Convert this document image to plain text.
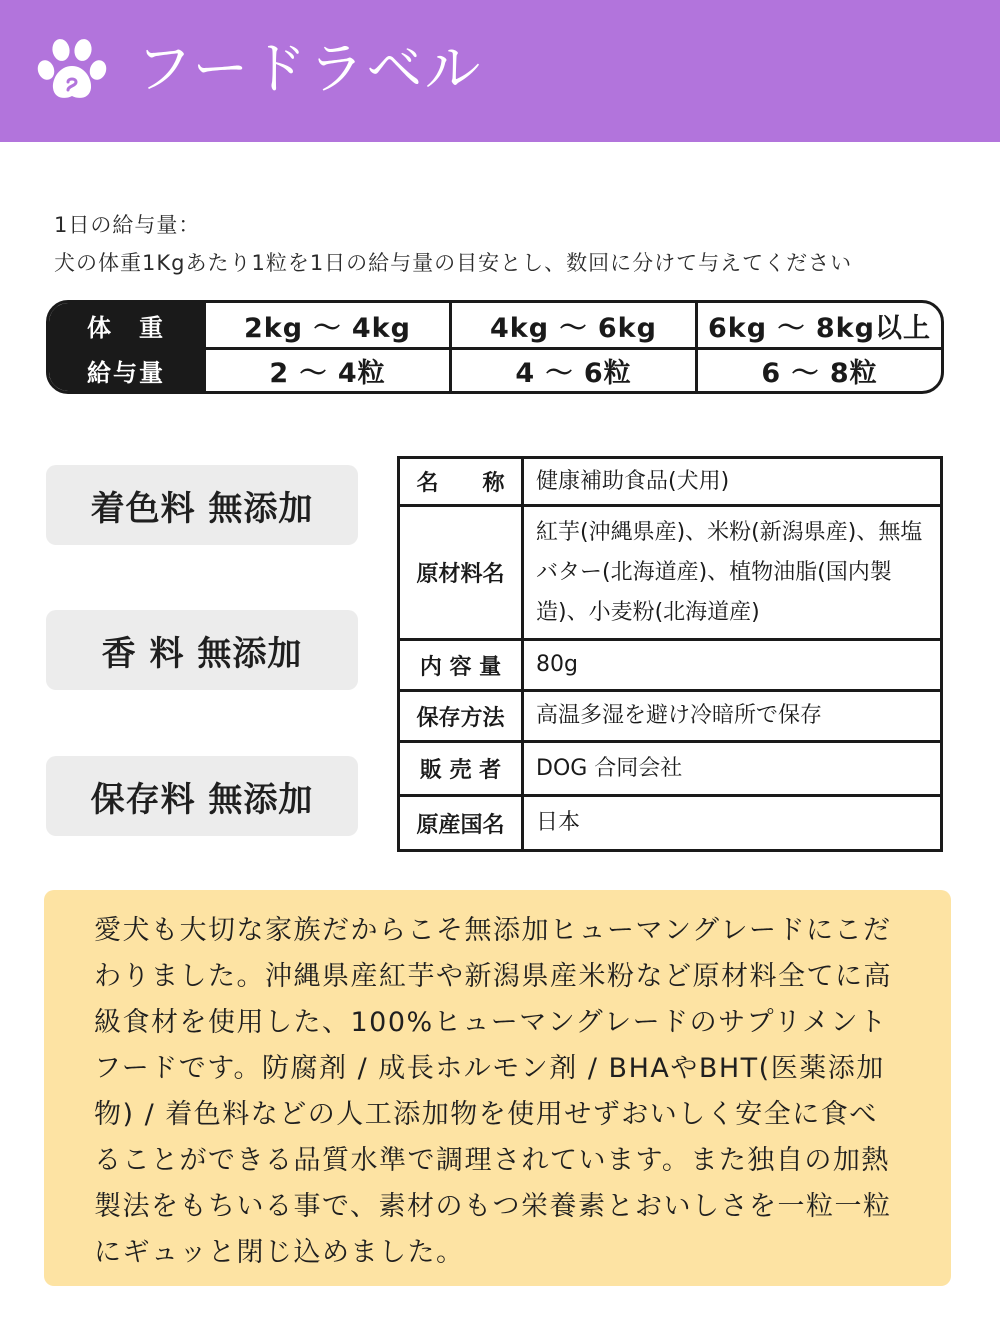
フードラベル
1日の給与量：
犬の体重1Kgあたり1粒を1日の給与量の目安とし、数回に分けて与えてください
体　重	2kg 〜 4kg	4kg 〜 6kg	6kg 〜 8kg以上
給与量	2 〜 4粒	4 〜 6粒	6 〜 8粒
着色料 無添加
香 料 無添加
保存料 無添加
名　　称	健康補助食品(犬用)
原材料名	紅芋(沖縄県産)、米粉(新潟県産)、無塩バター(北海道産)、植物油脂(国内製造)、小麦粉(北海道産)
内 容 量	80g
保存方法	高温多湿を避け冷暗所で保存
販 売 者	DOG 合同会社
原産国名	日本

愛犬も大切な家族だからこそ無添加ヒューマングレードにこだわりました。沖縄県産紅芋や新潟県産米粉など原材料全てに高級食材を使用した、100%ヒューマングレードのサプリメントフードです。防腐剤 / 成長ホルモン剤 / BHAやBHT(医薬添加物) / 着色料などの人工添加物を使用せずおいしく安全に食べることができる品質水準で調理されています。また独自の加熱製法をもちいる事で、素材のもつ栄養素とおいしさを一粒一粒にギュッと閉じ込めました。
